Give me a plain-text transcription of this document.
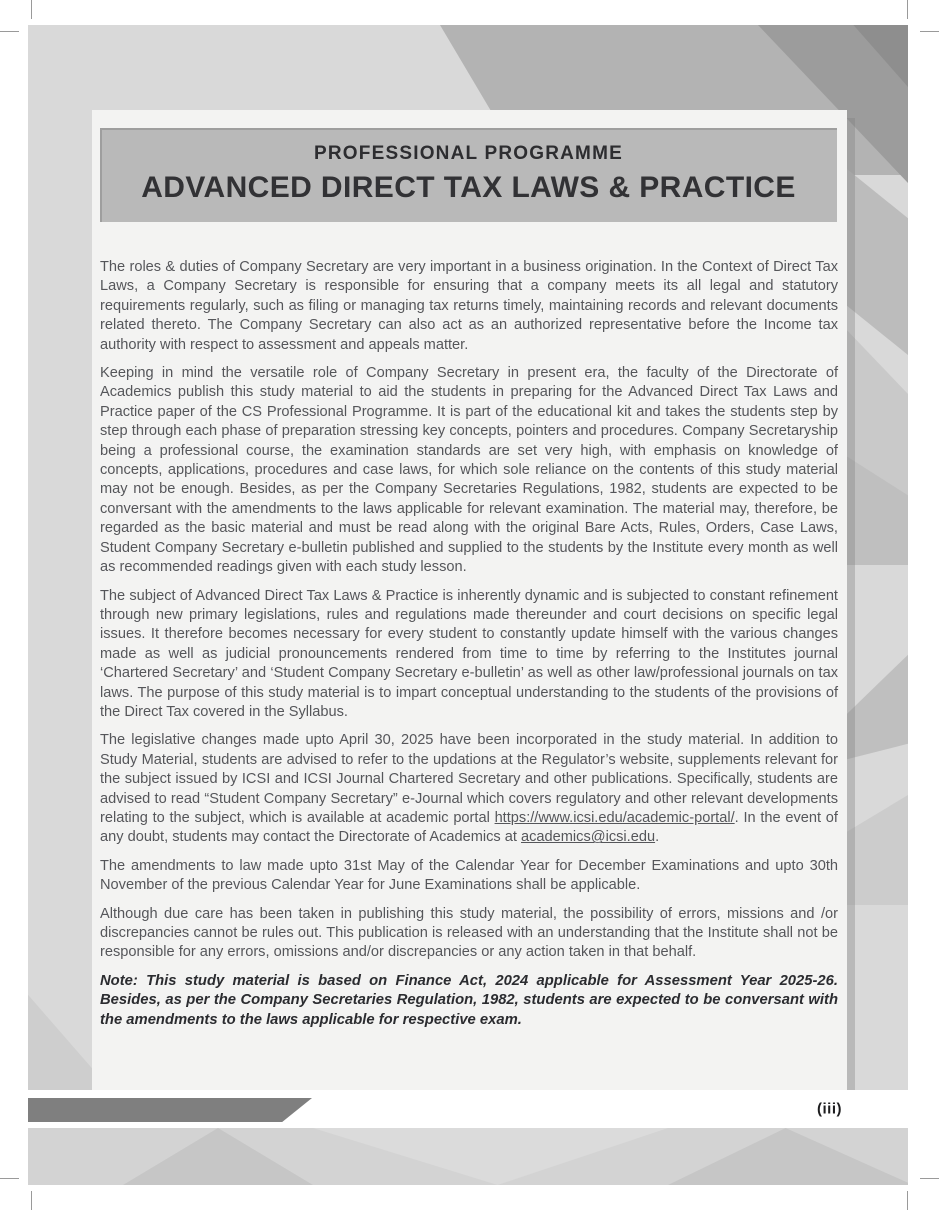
PROFESSIONAL PROGRAMME
ADVANCED DIRECT TAX LAWS & PRACTICE

The roles & duties of Company Secretary are very important in a business origination. In the Context of Direct Tax Laws, a Company Secretary is responsible for ensuring that a company meets its all legal and statutory requirements regularly, such as filing or managing tax returns timely, maintaining records and relevant documents related thereto. The Company Secretary can also act as an authorized representative before the Income tax authority with respect to assessment and appeals matter.

Keeping in mind the versatile role of Company Secretary in present era, the faculty of the Directorate of Academics publish this study material to aid the students in preparing for the Advanced Direct Tax Laws and Practice paper of the CS Professional Programme. It is part of the educational kit and takes the students step by step through each phase of preparation stressing key concepts, pointers and procedures. Company Secretaryship being a professional course, the examination standards are set very high, with emphasis on knowledge of concepts, applications, procedures and case laws, for which sole reliance on the contents of this study material may not be enough. Besides, as per the Company Secretaries Regulations, 1982, students are expected to be conversant with the amendments to the laws applicable for relevant examination. The material may, therefore, be regarded as the basic material and must be read along with the original Bare Acts, Rules, Orders, Case Laws, Student Company Secretary e-bulletin published and supplied to the students by the Institute every month as well as recommended readings given with each study lesson.

The subject of Advanced Direct Tax Laws & Practice is inherently dynamic and is subjected to constant refinement through new primary legislations, rules and regulations made thereunder and court decisions on specific legal issues. It therefore becomes necessary for every student to constantly update himself with the various changes made as well as judicial pronouncements rendered from time to time by referring to the Institutes journal ‘Chartered Secretary’ and ‘Student Company Secretary e-bulletin’ as well as other law/professional journals on tax laws. The purpose of this study material is to impart conceptual understanding to the students of the provisions of the Direct Tax covered in the Syllabus.

The legislative changes made upto April 30, 2025 have been incorporated in the study material. In addition to Study Material, students are advised to refer to the updations at the Regulator’s website, supplements relevant for the subject issued by ICSI and ICSI Journal Chartered Secretary and other publications. Specifically, students are advised to read “Student Company Secretary” e-Journal which covers regulatory and other relevant developments relating to the subject, which is available at academic portal https://www.icsi.edu/academic-portal/. In the event of any doubt, students may contact the Directorate of Academics at academics@icsi.edu.

The amendments to law made upto 31st May of the Calendar Year for December Examinations and upto 30th November of the previous Calendar Year for June Examinations shall be applicable.

Although due care has been taken in publishing this study material, the possibility of errors, missions and /or discrepancies cannot be rules out. This publication is released with an understanding that the Institute shall not be responsible for any errors, omissions and/or discrepancies or any action taken in that behalf.

Note: This study material is based on Finance Act, 2024 applicable for Assessment Year 2025-26. Besides, as per the Company Secretaries Regulation, 1982, students are expected to be conversant with the amendments to the laws applicable for respective exam.

(iii)
